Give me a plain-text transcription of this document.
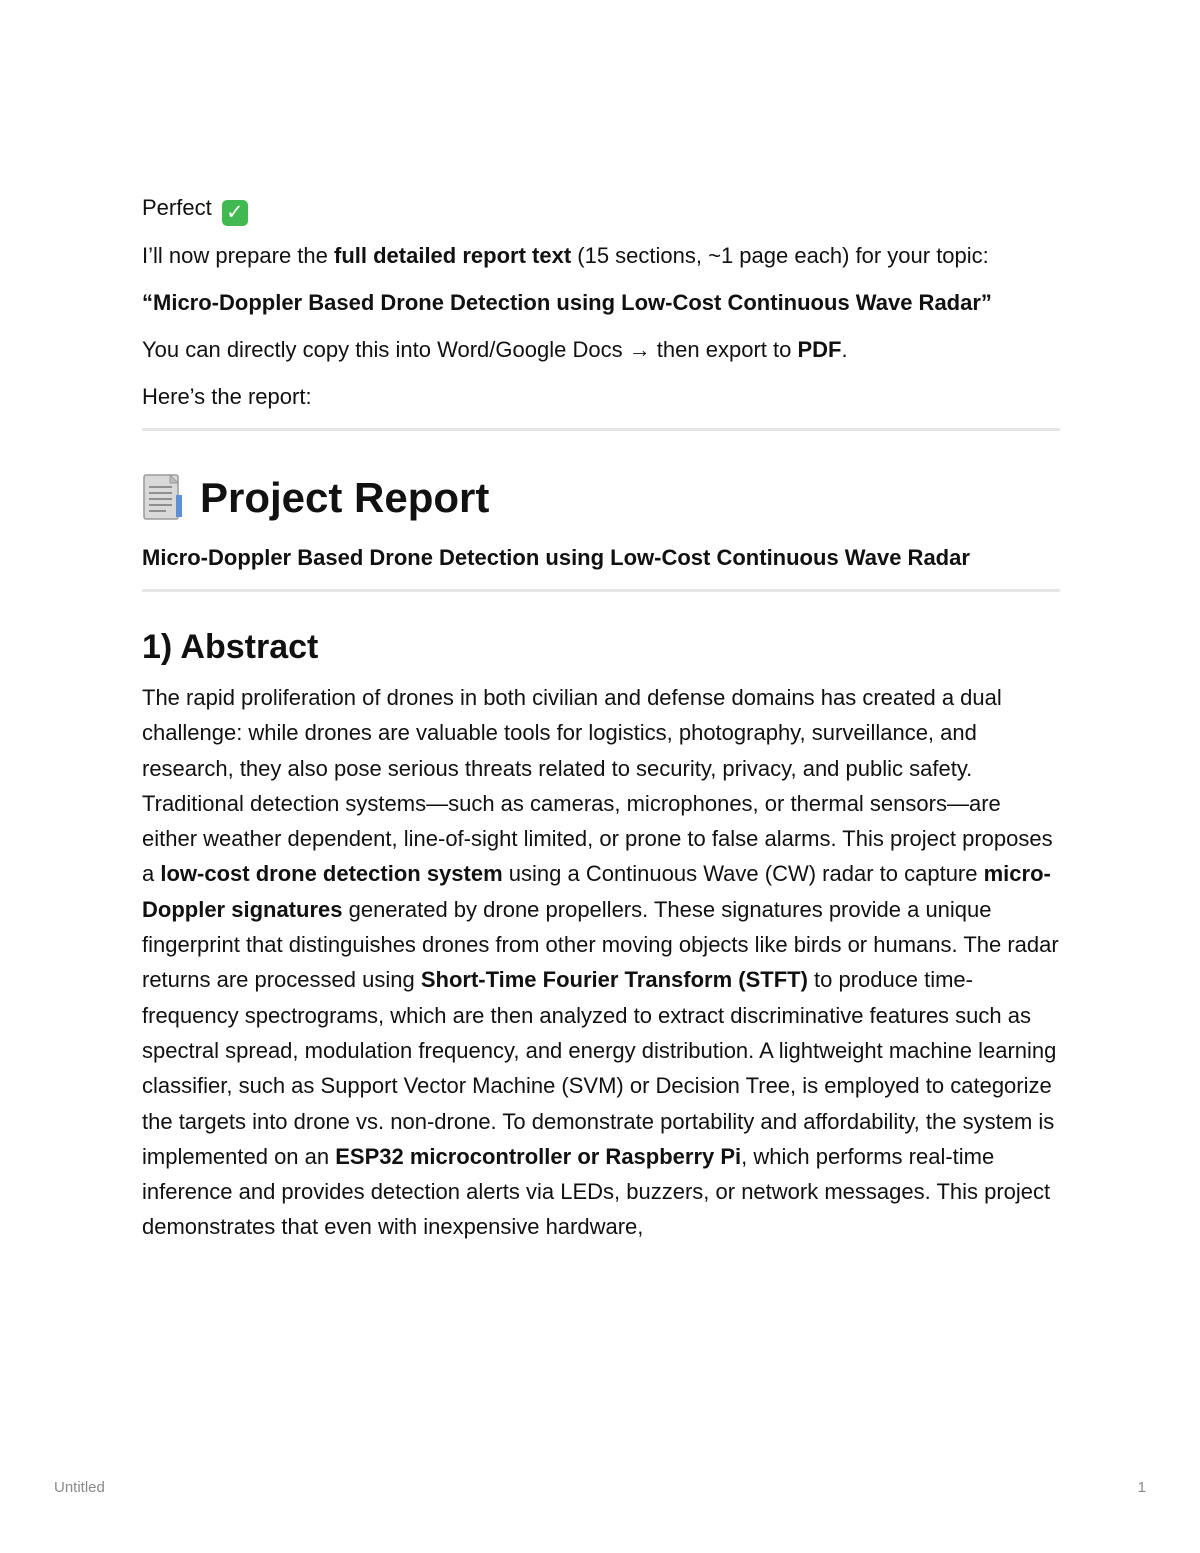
Perfect ✓

I’ll now prepare the full detailed report text (15 sections, ~1 page each) for your topic:

“Micro-Doppler Based Drone Detection using Low-Cost Continuous Wave Radar”

You can directly copy this into Word/Google Docs → then export to PDF.

Here’s the report:

Project Report

Micro-Doppler Based Drone Detection using Low-Cost Continuous Wave Radar

1) Abstract

The rapid proliferation of drones in both civilian and defense domains has created a dual challenge: while drones are valuable tools for logistics, photography, surveillance, and research, they also pose serious threats related to security, privacy, and public safety. Traditional detection systems—such as cameras, microphones, or thermal sensors—are either weather dependent, line-of-sight limited, or prone to false alarms. This project proposes a low-cost drone detection system using a Continuous Wave (CW) radar to capture micro-Doppler signatures generated by drone propellers. These signatures provide a unique fingerprint that distinguishes drones from other moving objects like birds or humans. The radar returns are processed using Short-Time Fourier Transform (STFT) to produce time-frequency spectrograms, which are then analyzed to extract discriminative features such as spectral spread, modulation frequency, and energy distribution. A lightweight machine learning classifier, such as Support Vector Machine (SVM) or Decision Tree, is employed to categorize the targets into drone vs. non-drone. To demonstrate portability and affordability, the system is implemented on an ESP32 microcontroller or Raspberry Pi, which performs real-time inference and provides detection alerts via LEDs, buzzers, or network messages. This project demonstrates that even with inexpensive hardware,

Untitled	1
